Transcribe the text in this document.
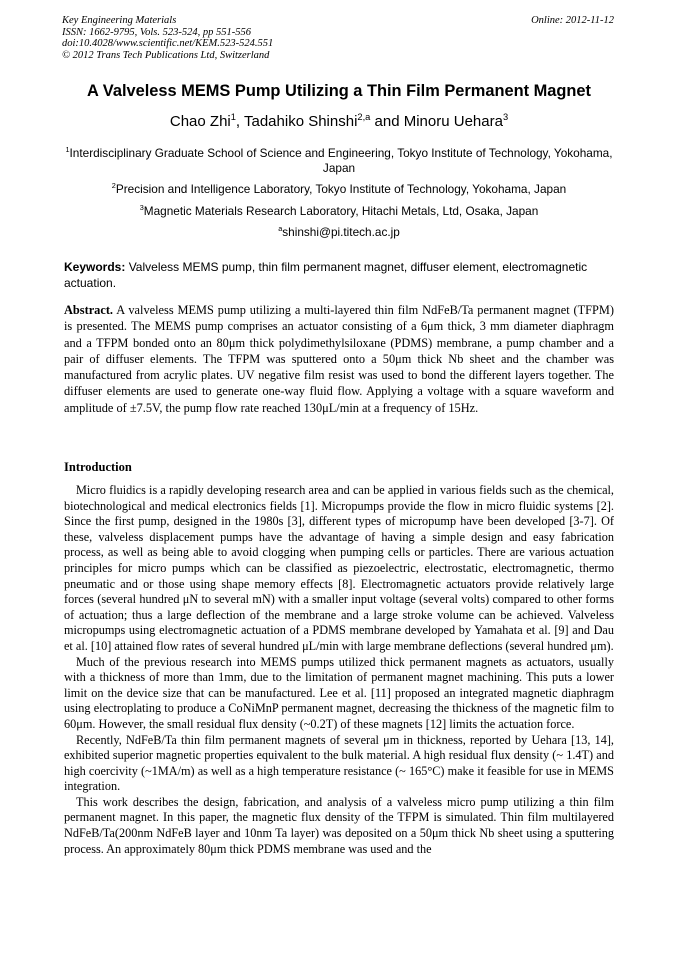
Key Engineering Materials
ISSN: 1662-9795, Vols. 523-524, pp 551-556
doi:10.4028/www.scientific.net/KEM.523-524.551
© 2012 Trans Tech Publications Ltd, Switzerland
Online: 2012-11-12
A Valveless MEMS Pump Utilizing a Thin Film Permanent Magnet
Chao Zhi$^1$, Tadahiko Shinshi$^{2,a}$ and Minoru Uehara$^3$
$^1$Interdisciplinary Graduate School of Science and Engineering, Tokyo Institute of Technology, Yokohama, Japan
$^2$Precision and Intelligence Laboratory, Tokyo Institute of Technology, Yokohama, Japan
$^3$Magnetic Materials Research Laboratory, Hitachi Metals, Ltd, Osaka, Japan
$^a$shinshi@pi.titech.ac.jp
Keywords: Valveless MEMS pump, thin film permanent magnet, diffuser element, electromagnetic actuation.
Abstract. A valveless MEMS pump utilizing a multi-layered thin film NdFeB/Ta permanent magnet (TFPM) is presented. The MEMS pump comprises an actuator consisting of a 6μm thick, 3 mm diameter diaphragm and a TFPM bonded onto an 80μm thick polydimethylsiloxane (PDMS) membrane, a pump chamber and a pair of diffuser elements. The TFPM was sputtered onto a 50μm thick Nb sheet and the chamber was manufactured from acrylic plates. UV negative film resist was used to bond the different layers together. The diffuser elements are used to generate one-way fluid flow. Applying a voltage with a square waveform and amplitude of ±7.5V, the pump flow rate reached 130μL/min at a frequency of 15Hz.
Introduction

Micro fluidics is a rapidly developing research area and can be applied in various fields such as the chemical, biotechnological and medical electronics fields [1]. Micropumps provide the flow in micro fluidic systems [2]. Since the first pump, designed in the 1980s [3], different types of micropump have been developed [3-7]. Of these, valveless displacement pumps have the advantage of having a simple design and easy fabrication process, as well as being able to avoid clogging when pumping cells or particles. There are various actuation principles for micro pumps which can be classified as piezoelectric, electrostatic, electromagnetic, thermo pneumatic and or those using shape memory effects [8]. Electromagnetic actuators provide relatively large forces (several hundred μN to several mN) with a smaller input voltage (several volts) compared to other forms of actuation; thus a large deflection of the membrane and a large stroke volume can be achieved. Valveless micropumps using electromagnetic actuation of a PDMS membrane developed by Yamahata et al. [9] and Dau et al. [10] attained flow rates of several hundred μL/min with large membrane deflections (several hundred μm).

Much of the previous research into MEMS pumps utilized thick permanent magnets as actuators, usually with a thickness of more than 1mm, due to the limitation of permanent magnet machining. This puts a lower limit on the device size that can be manufactured. Lee et al. [11] proposed an integrated magnetic diaphragm using electroplating to produce a CoNiMnP permanent magnet, decreasing the thickness of the magnetic film to 60μm. However, the small residual flux density (~0.2T) of these magnets [12] limits the actuation force.

Recently, NdFeB/Ta thin film permanent magnets of several μm in thickness, reported by Uehara [13, 14], exhibited superior magnetic properties equivalent to the bulk material. A high residual flux density (~ 1.4T) and high coercivity (~1MA/m) as well as a high temperature resistance (~ 165°C) make it feasible for use in MEMS integration.

This work describes the design, fabrication, and analysis of a valveless micro pump utilizing a thin film permanent magnet. In this paper, the magnetic flux density of the TFPM is simulated. Thin film multilayered NdFeB/Ta(200nm NdFeB layer and 10nm Ta layer) was deposited on a 50μm thick Nb sheet using a sputtering process. An approximately 80μm thick PDMS membrane was used and the
